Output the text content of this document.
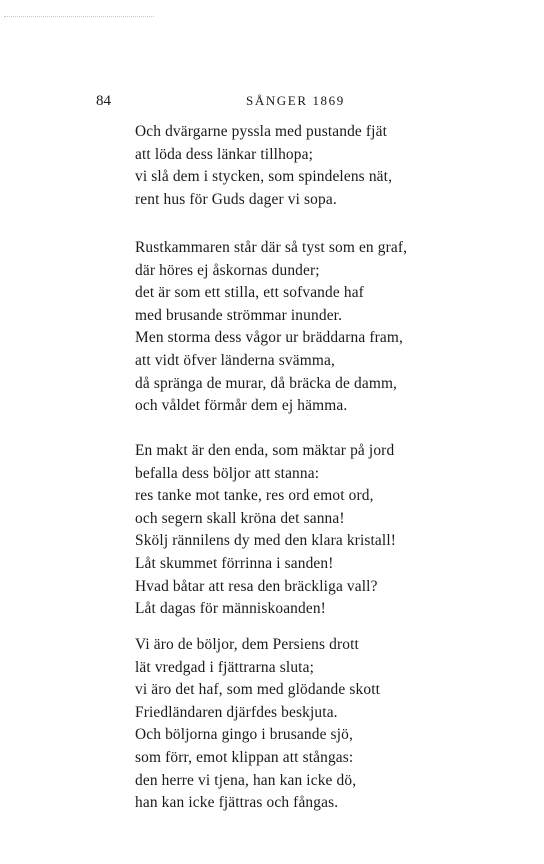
84	SÅNGER 1869
Och dvärgarne pyssla med pustande fjät
att löda dess länkar tillhopa;
vi slå dem i stycken, som spindelens nät,
rent hus för Guds dager vi sopa.
Rustkammaren står där så tyst som en graf,
där höres ej åskornas dunder;
det är som ett stilla, ett sofvande haf
med brusande strömmar inunder.
Men storma dess vågor ur bräddarna fram,
att vidt öfver länderna svämma,
då spränga de murar, då bräcka de damm,
och våldet förmår dem ej hämma.
En makt är den enda, som mäktar på jord
befalla dess böljor att stanna:
res tanke mot tanke, res ord emot ord,
och segern skall kröna det sanna!
Skölj rännilens dy med den klara kristall!
Låt skummet förrinna i sanden!
Hvad båtar att resa den bräckliga vall?
Låt dagas för människoanden!
Vi äro de böljor, dem Persiens drott
lät vredgad i fjättrarna sluta;
vi äro det haf, som med glödande skott
Friedländaren djärfdes beskjuta.
Och böljorna gingo i brusande sjö,
som förr, emot klippan att stångas:
den herre vi tjena, han kan icke dö,
han kan icke fjättras och fångas.
